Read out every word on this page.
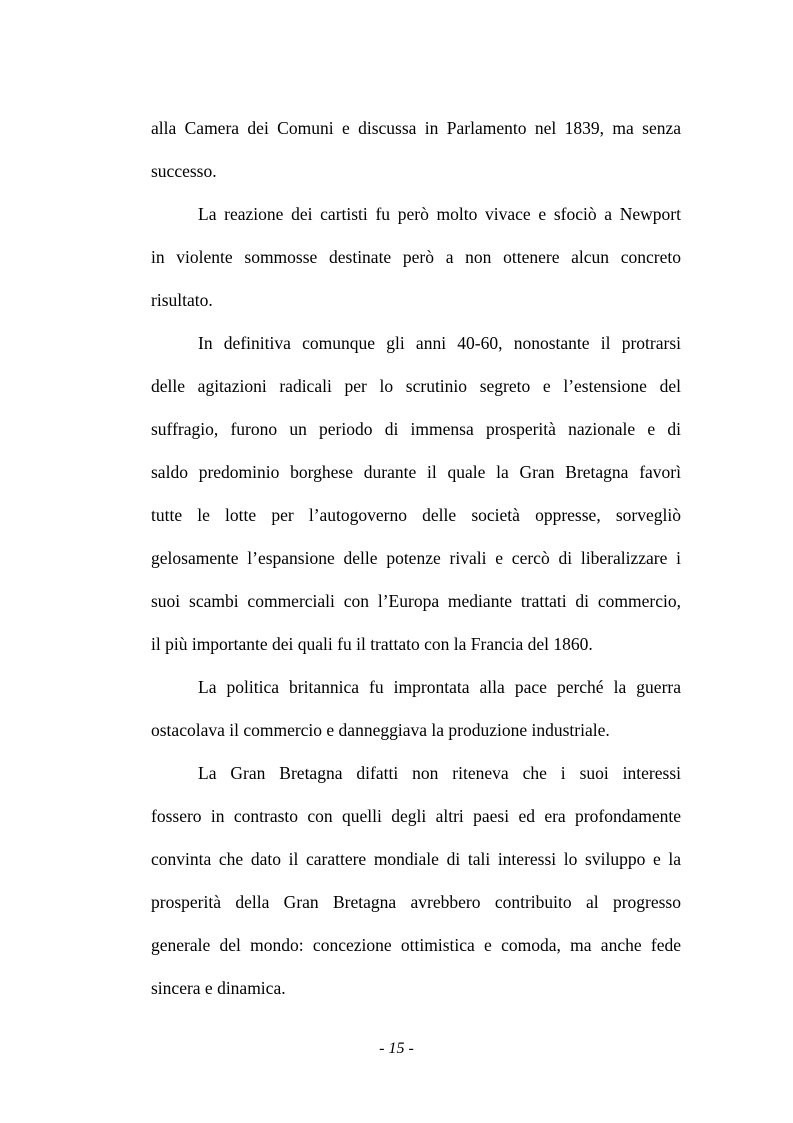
alla Camera dei Comuni e discussa in Parlamento nel 1839, ma senza
successo.
La reazione dei cartisti fu però molto vivace e sfociò a Newport
in violente sommosse destinate però a non ottenere alcun concreto
risultato.
In definitiva comunque gli anni 40-60, nonostante il protrarsi
delle agitazioni radicali per lo scrutinio segreto e l’estensione del
suffragio, furono un periodo di immensa prosperità nazionale e di
saldo predominio borghese durante il quale la Gran Bretagna favorì
tutte le lotte per l’autogoverno delle società oppresse, sorvegliò
gelosamente l’espansione delle potenze rivali e cercò di liberalizzare i
suoi scambi commerciali con l’Europa mediante trattati di commercio,
il più importante dei quali fu il trattato con la Francia del 1860.
La politica britannica fu improntata alla pace perché la guerra
ostacolava il commercio e danneggiava la produzione industriale.
La Gran Bretagna difatti non riteneva che i suoi interessi
fossero in contrasto con quelli degli altri paesi ed era profondamente
convinta che dato il carattere mondiale di tali interessi lo sviluppo e la
prosperità della Gran Bretagna avrebbero contribuito al progresso
generale del mondo: concezione ottimistica e comoda, ma anche fede
sincera e dinamica.
- 15 -
